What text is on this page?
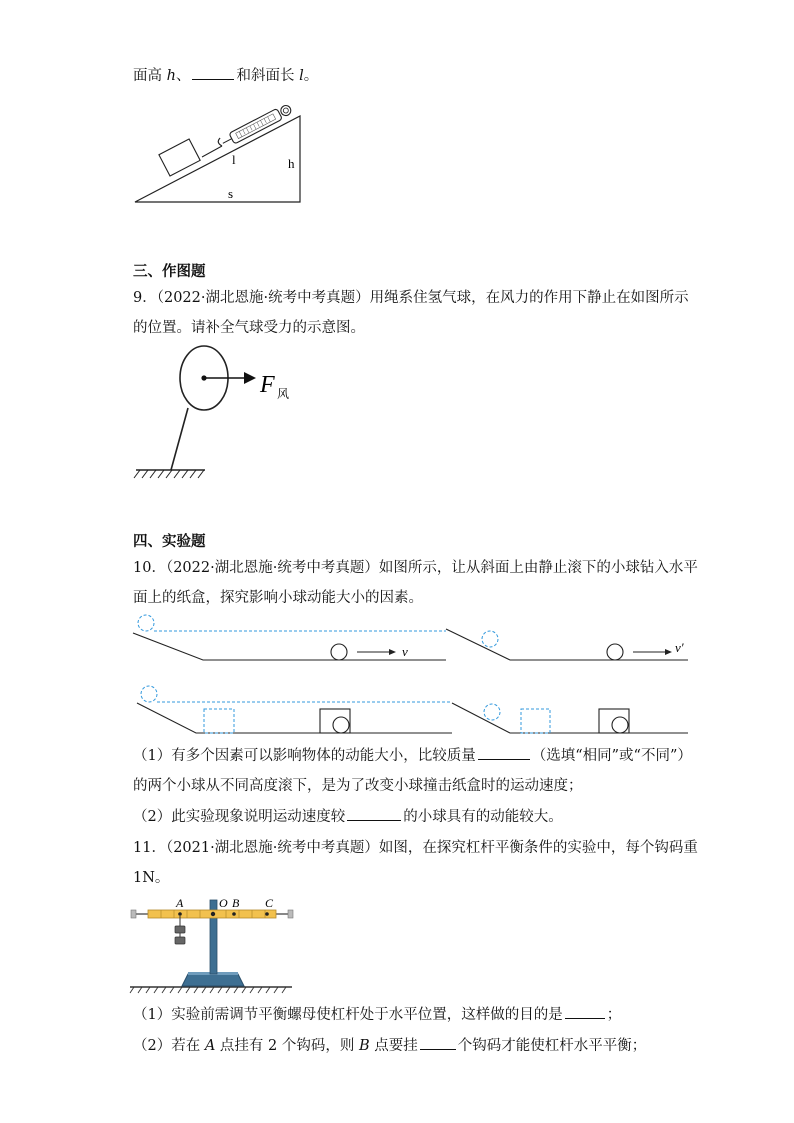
面高 h、	和斜面长 l。
l	h
s
三、作图题
9．（2022·湖北恩施·统考中考真题）用绳系住氢气球，在风力的作用下静止在如图所示
的位置。请补全气球受力的示意图。
F 风
四、实验题
10．（2022·湖北恩施·统考中考真题）如图所示，让从斜面上由静止滚下的小球钻入水平
面上的纸盒，探究影响小球动能大小的因素。
v	v′
（1）有多个因素可以影响物体的动能大小，比较质量	（选填“相同”或“不同”）
的两个小球从不同高度滚下，是为了改变小球撞击纸盒时的运动速度；
（2）此实验现象说明运动速度较	的小球具有的动能较大。
11．（2021·湖北恩施·统考中考真题）如图，在探究杠杆平衡条件的实验中，每个钩码重
1N。
A	O B C
（1）实验前需调节平衡螺母使杠杆处于水平位置，这样做的目的是	；
（2）若在 A 点挂有 2 个钩码，则 B 点要挂	个钩码才能使杠杆水平平衡；
